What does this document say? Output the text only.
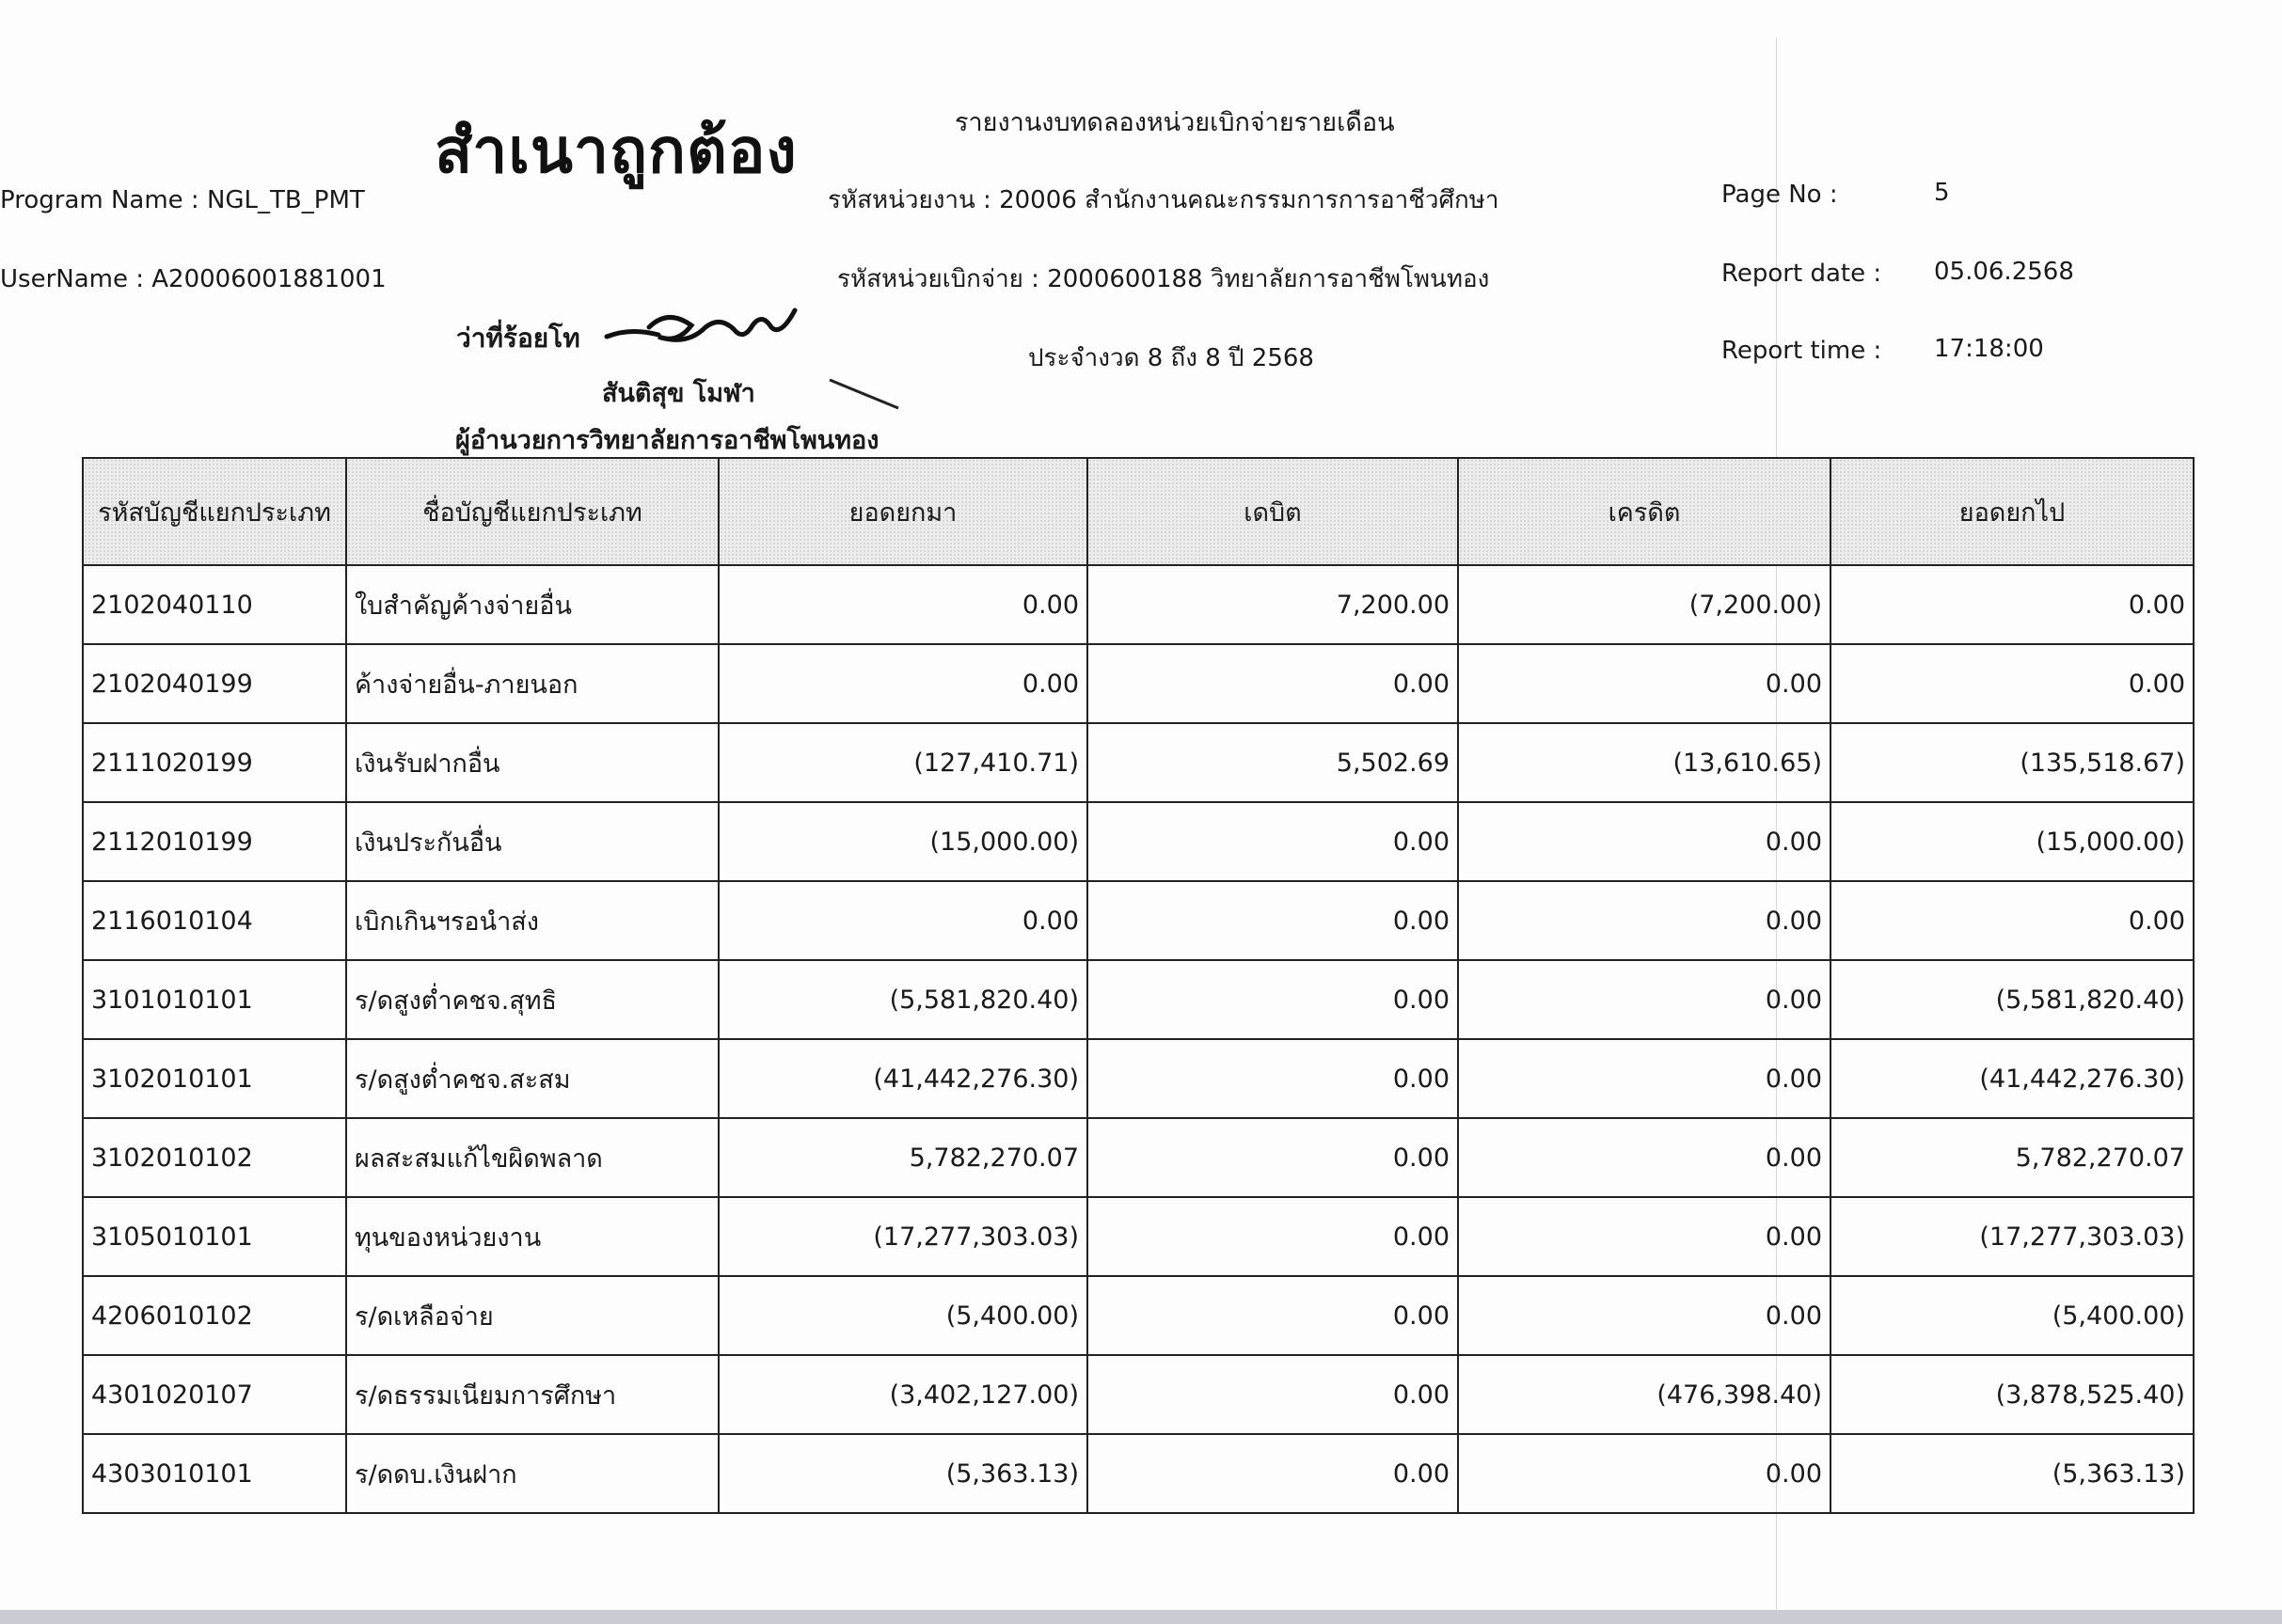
สำเนาถูกต้อง	รายงานงบทดลองหน่วยเบิกจ่ายรายเดือน
Program Name : NGL_TB_PMT
UserName : A20006001881001
รหัสหน่วยงาน : 20006 สำนักงานคณะกรรมการการอาชีวศึกษา
รหัสหน่วยเบิกจ่าย : 2000600188 วิทยาลัยการอาชีพโพนทอง
ประจำงวด 8 ถึง 8 ปี 2568
Page No :	5
Report date : 05.06.2568
Report time : 17:18:00
ว่าที่ร้อยโท
สันติสุข โมฬา
ผู้อำนวยการวิทยาลัยการอาชีพโพนทอง
รหัสบัญชีแยกประเภท	ชื่อบัญชีแยกประเภท	ยอดยกมา	เดบิต	เครดิต	ยอดยกไป
2102040110	ใบสำคัญค้างจ่ายอื่น	0.00	7,200.00	(7,200.00)	0.00
2102040199	ค้างจ่ายอื่น-ภายนอก	0.00	0.00	0.00	0.00
2111020199	เงินรับฝากอื่น	(127,410.71)	5,502.69	(13,610.65)	(135,518.67)
2112010199	เงินประกันอื่น	(15,000.00)	0.00	0.00	(15,000.00)
2116010104	เบิกเกินฯรอนำส่ง	0.00	0.00	0.00	0.00
3101010101	ร/ดสูงต่ำคชจ.สุทธิ	(5,581,820.40)	0.00	0.00	(5,581,820.40)
3102010101	ร/ดสูงต่ำคชจ.สะสม	(41,442,276.30)	0.00	0.00	(41,442,276.30)
3102010102	ผลสะสมแก้ไขผิดพลาด	5,782,270.07	0.00	0.00	5,782,270.07
3105010101	ทุนของหน่วยงาน	(17,277,303.03)	0.00	0.00	(17,277,303.03)
4206010102	ร/ดเหลือจ่าย	(5,400.00)	0.00	0.00	(5,400.00)
4301020107	ร/ดธรรมเนียมการศึกษา	(3,402,127.00)	0.00	(476,398.40)	(3,878,525.40)
4303010101	ร/ดดบ.เงินฝาก	(5,363.13)	0.00	0.00	(5,363.13)
